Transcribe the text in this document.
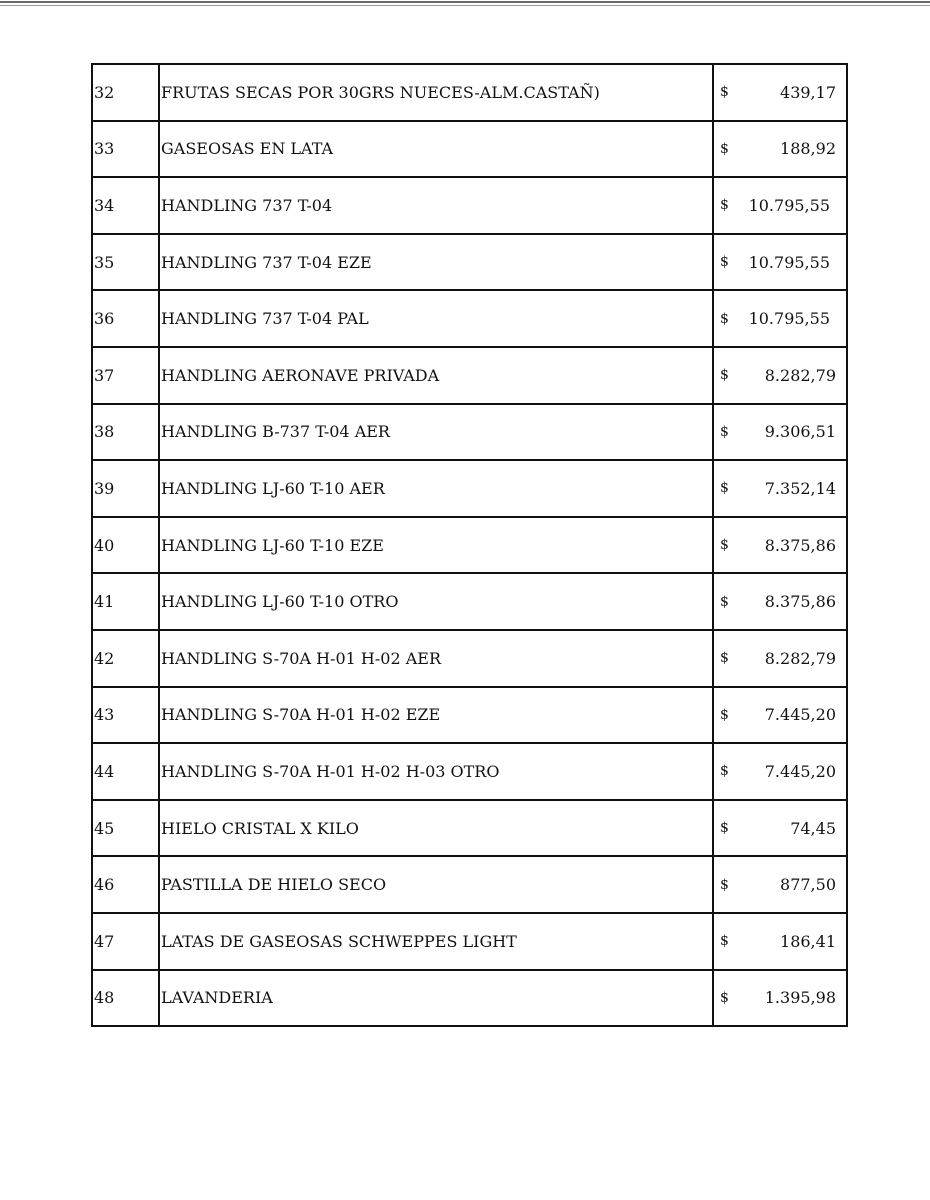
32	FRUTAS SECAS POR 30GRS NUECES-ALM.CASTAÑ)	$ 439,17

33	GASEOSAS EN LATA	$ 188,92

34	HANDLING 737 T-04	$ 10.795,55

35	HANDLING 737 T-04 EZE	$ 10.795,55

36	HANDLING 737 T-04 PAL	$ 10.795,55

37	HANDLING AERONAVE PRIVADA	$ 8.282,79

38	HANDLING B-737 T-04 AER	$ 9.306,51

39	HANDLING LJ-60 T-10 AER	$ 7.352,14

40	HANDLING LJ-60 T-10 EZE	$ 8.375,86

41	HANDLING LJ-60 T-10 OTRO	$ 8.375,86

42	HANDLING S-70A H-01 H-02 AER	$ 8.282,79

43	HANDLING S-70A H-01 H-02 EZE	$ 7.445,20

44	HANDLING S-70A H-01 H-02 H-03 OTRO	$ 7.445,20

45	HIELO CRISTAL X KILO	$ 74,45

46	PASTILLA DE HIELO SECO	$ 877,50

47	LATAS DE GASEOSAS SCHWEPPES LIGHT	$ 186,41

48	LAVANDERIA	$ 1.395,98
